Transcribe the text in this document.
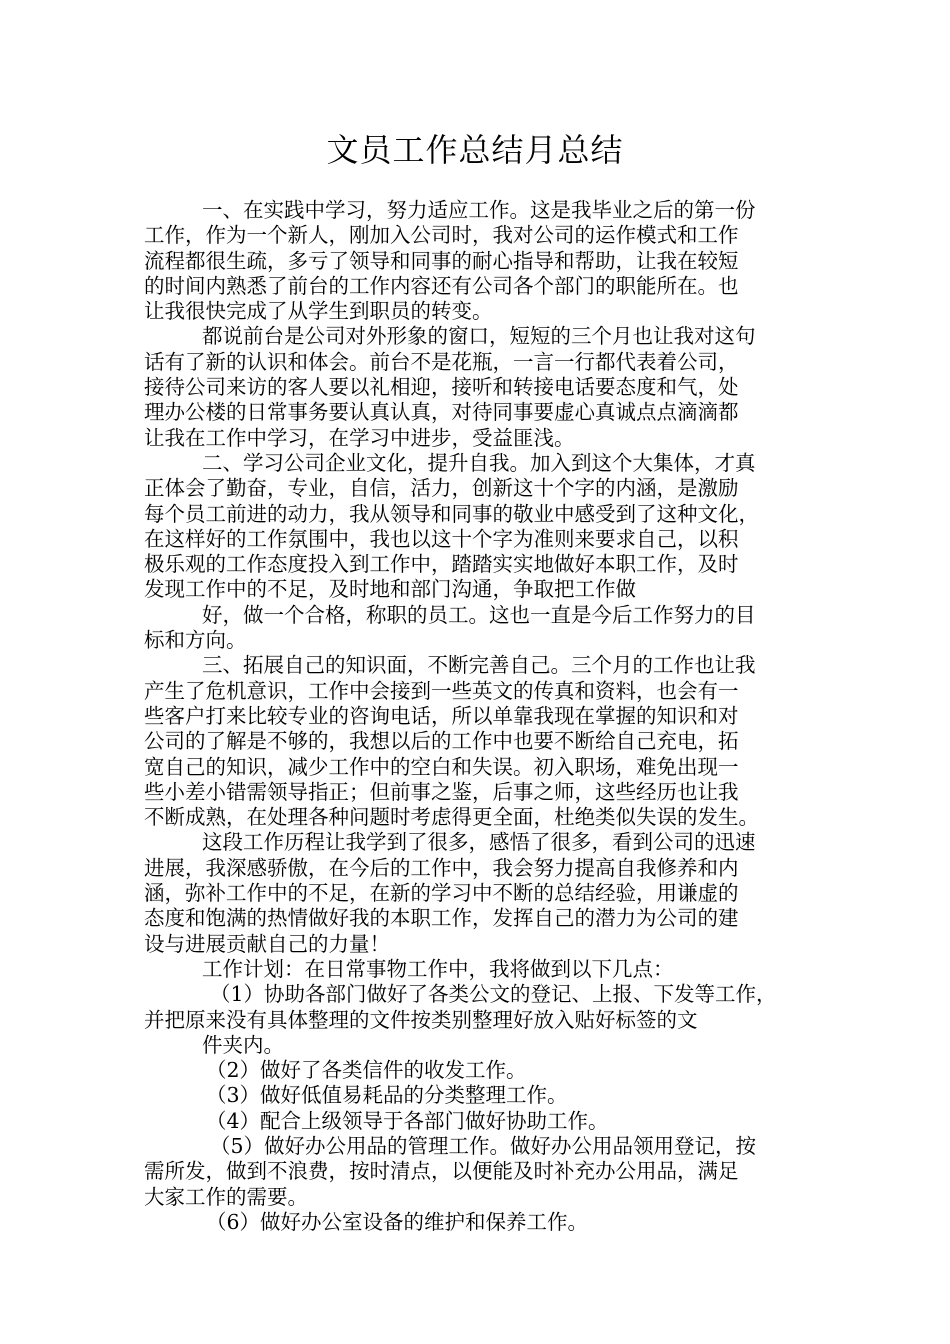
文员工作总结月总结
一、在实践中学习，努力适应工作。这是我毕业之后的第一份
工作，作为一个新人，刚加入公司时，我对公司的运作模式和工作
流程都很生疏，多亏了领导和同事的耐心指导和帮助，让我在较短
的时间内熟悉了前台的工作内容还有公司各个部门的职能所在。也
让我很快完成了从学生到职员的转变。
都说前台是公司对外形象的窗口，短短的三个月也让我对这句
话有了新的认识和体会。前台不是花瓶，一言一行都代表着公司，
接待公司来访的客人要以礼相迎，接听和转接电话要态度和气，处
理办公楼的日常事务要认真认真，对待同事要虚心真诚点点滴滴都
让我在工作中学习，在学习中进步，受益匪浅。
二、学习公司企业文化，提升自我。加入到这个大集体，才真
正体会了勤奋，专业，自信，活力，创新这十个字的内涵，是激励
每个员工前进的动力，我从领导和同事的敬业中感受到了这种文化，
在这样好的工作氛围中，我也以这十个字为准则来要求自己，以积
极乐观的工作态度投入到工作中，踏踏实实地做好本职工作，及时
发现工作中的不足，及时地和部门沟通，争取把工作做
好，做一个合格，称职的员工。这也一直是今后工作努力的目
标和方向。
三、拓展自己的知识面，不断完善自己。三个月的工作也让我
产生了危机意识，工作中会接到一些英文的传真和资料，也会有一
些客户打来比较专业的咨询电话，所以单靠我现在掌握的知识和对
公司的了解是不够的，我想以后的工作中也要不断给自己充电，拓
宽自己的知识，减少工作中的空白和失误。初入职场，难免出现一
些小差小错需领导指正；但前事之鉴，后事之师，这些经历也让我
不断成熟，在处理各种问题时考虑得更全面，杜绝类似失误的发生。
这段工作历程让我学到了很多，感悟了很多，看到公司的迅速
进展，我深感骄傲，在今后的工作中，我会努力提高自我修养和内
涵，弥补工作中的不足，在新的学习中不断的总结经验，用谦虚的
态度和饱满的热情做好我的本职工作，发挥自己的潜力为公司的建
设与进展贡献自己的力量！
工作计划：在日常事物工作中，我将做到以下几点：
（1）协助各部门做好了各类公文的登记、上报、下发等工作，
并把原来没有具体整理的文件按类别整理好放入贴好标签的文
件夹内。
（2）做好了各类信件的收发工作。
（3）做好低值易耗品的分类整理工作。
（4）配合上级领导于各部门做好协助工作。
（5）做好办公用品的管理工作。做好办公用品领用登记，按
需所发，做到不浪费，按时清点，以便能及时补充办公用品，满足
大家工作的需要。
（6）做好办公室设备的维护和保养工作。
